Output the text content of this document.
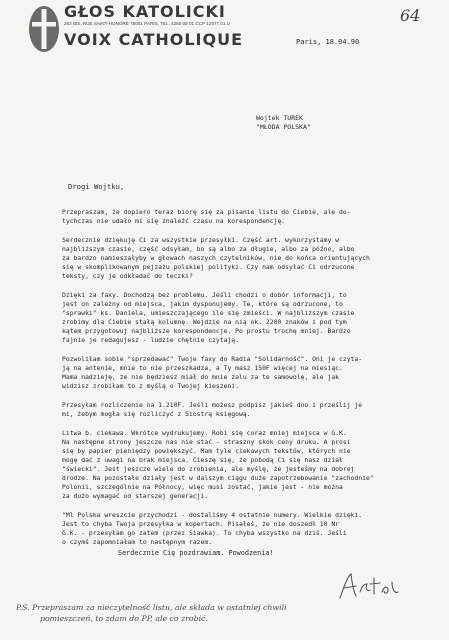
GŁOS KATOLICKI
263 BIS, RUE SAINT-HONORÉ 75001 PARIS, TEL. 4260 08 01 CCP 12977 01 U
VOIX CATHOLIQUE
64
Paris, 18.04.90
Wojtek TUREK
"MŁODA POLSKA"
Drogi Wojtku,
Przepraszam, że dopiero teraz biorę się za pisanie listu do Ciebie, ale do-
tychczas nie udało mi się znaleźć czasu na korespondencję.
Serdecznie dziękuję Ci za wszystkie przesyłki. Część art. wykorzystamy w
najbliższym czasie, część odsyłam, bo są albo za długie, albo za późno, albo
za bardzo namieszałyby w głowach naszych czytelników, nie do końca orientujących
się w skomplikowanym pejzażu polskiej polityki. Czy nam odsyłać Ci odrzucone
teksty, czy je odkładać do teczki?
Dzięki za faxy. Dochodzą bez problemu. Jeśli chodzi o dobór informacji, to
jest on zależny od miejsca, jakim dysponujemy. Te, które są odrzucone, to
"sprawki" ks. Daniela, umieszczającego ile się zmieści. W najbliższym czasie
zrobimy dla Ciebie stałą kolumnę. Wejdzie na nią ok. 2200 znaków i pod tym
kątem przygotowuj najbliższe korespondencje. Po prostu trochę mniej. Bardzo
fajnie je redagujesz - ludzie chętnie czytają.
Pozwoliłam sobie "sprzedawać" Twoje faxy do Radia "Solidarność". Oni je czyta-
ją na antenie, mnie to nie przeszkadza, a Ty masz 150F więcej na miesiąc.
Mama nadzieję, że nie będziesz miał do mnie żalu za te samowolę, ale jak
widzisz zrobiłam to z myślą o Twojej kieszeni.
Przesyłam rozliczenie na 1.210F. Jeśli możesz podpisz jakieś dno i prześlij je
mi, żebym mogła się rozliczyć z Siostrą księgową.
Litwa b. ciekawa. Wkrótce wydrukujemy. Robi się coraz mniej miejsca w G.K.
Na następne strony jeszcze nas nie stać - straszny skok ceny druku. A prosi
się by papier pieniędzy powiększyć. Mam tyle ciekawych tekstów, których nie
mogę dać z uwagi na brak miejsca. Cieszę się, że pobodą Ci się nasz dział
"świecki". Jest jeszcze wiele do zrobienia, ale myślę, że jesteśmy na dobrej
drodze. Na pozostałe działy jest w dalszym ciągu duże zapotrzebowanie "zachodnie"
Polonii, szczególnie na Północy, więc musi zostać, jakie jest - nie można
za dużo wymagać od starszej generacji.
"Ml Polska wreszcie przychodzi - dostaliśmy 4 ostatnie numery. Wielkie dzięki.
Jest to chyba Twoja przesyłka w kopertach. Pisałeś, że nie doszedł 10 Nr
G.K. - przesyłam go zatem (przez Siawka). To chyba wszystko na dziś. Jeśli
o czymś zapomniałam to następnym razem.
Serdecznie Cię pozdrawiam. Powodzenia!
P.S. Przepraszam za nieczytelność listu, ale składa w ostatniej chwili
pomieszczeń, to zdam do PP, ale co zrobić.
